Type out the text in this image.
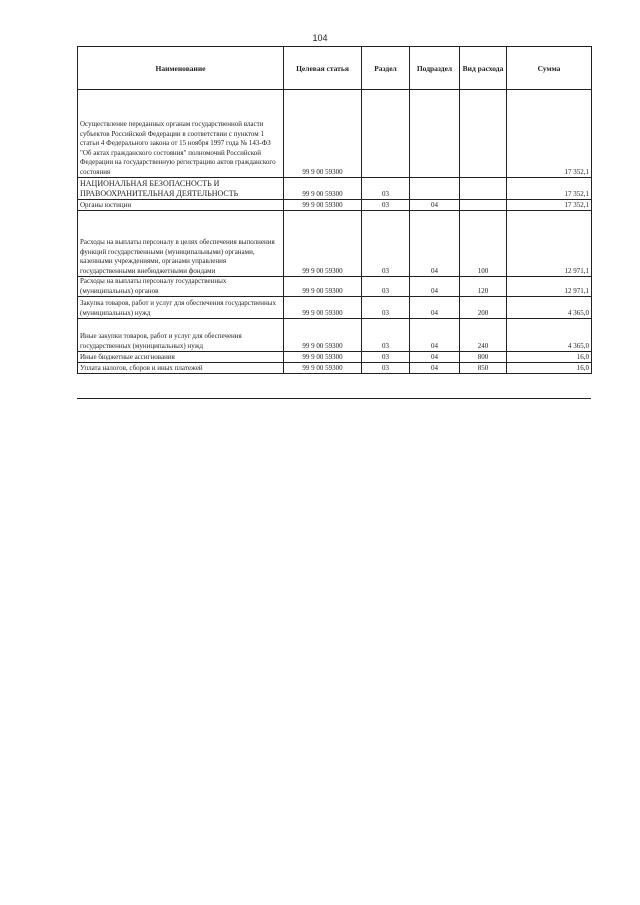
104
Наименование	Целевая статья	Раздел	Подраздел	Вид расхода	Сумма
Осуществление переданных органам государственной власти субъектов Российской Федерации в соответствии с пунктом 1 статьи 4 Федерального закона от 15 ноября 1997 года № 143-ФЗ "Об актах гражданского состояния" полномочий Российской Федерации на государственную регистрацию актов гражданского состояния	99 9 00 59300				17 352,1
НАЦИОНАЛЬНАЯ БЕЗОПАСНОСТЬ И ПРАВООХРАНИТЕЛЬНАЯ ДЕЯТЕЛЬНОСТЬ	99 9 00 59300	03			17 352,1
Органы юстиции	99 9 00 59300	03	04		17 352,1
Расходы на выплаты персоналу в целях обеспечения выполнения функций государственными (муниципальными) органами, казенными учреждениями, органами управления государственными внебюджетными фондами	99 9 00 59300	03	04	100	12 971,1
Расходы на выплаты персоналу государственных (муниципальных) органов	99 9 00 59300	03	04	120	12 971,1
Закупка товаров, работ и услуг для обеспечения государственных (муниципальных) нужд	99 9 00 59300	03	04	200	4 365,0
Иные закупки товаров, работ и услуг для обеспечения государственных (муниципальных) нужд	99 9 00 59300	03	04	240	4 365,0
Иные бюджетные ассигнования	99 9 00 59300	03	04	800	16,0
Уплата налогов, сборов и иных платежей	99 9 00 59300	03	04	850	16,0
